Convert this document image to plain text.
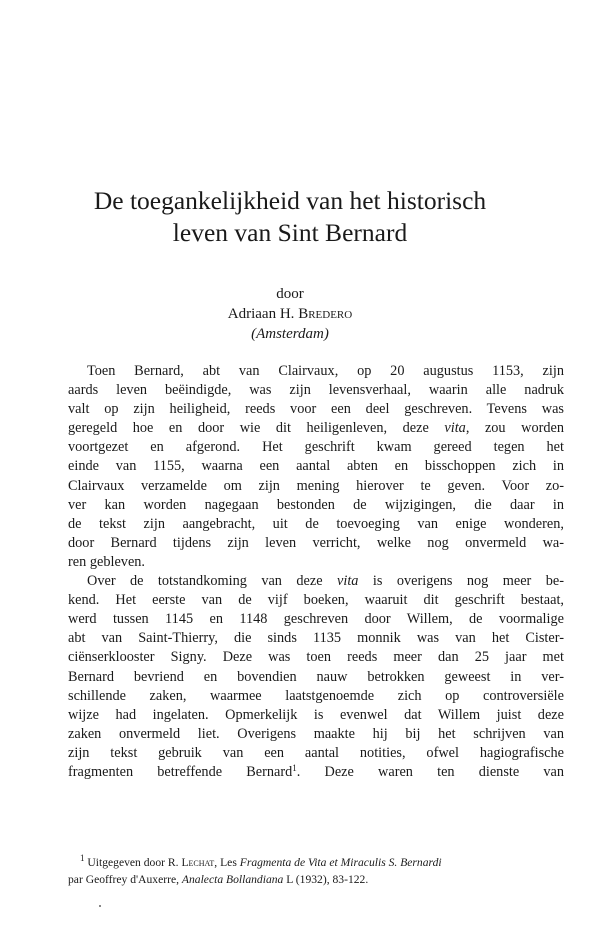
De toegankelijkheid van het historisch
leven van Sint Bernard
door
Adriaan H. Bredero
(Amsterdam)
Toen Bernard, abt van Clairvaux, op 20 augustus 1153, zijn
aards leven beëindigde, was zijn levensverhaal, waarin alle nadruk
valt op zijn heiligheid, reeds voor een deel geschreven. Tevens was
geregeld hoe en door wie dit heiligenleven, deze vita, zou worden
voortgezet en afgerond. Het geschrift kwam gereed tegen het
einde van 1155, waarna een aantal abten en bisschoppen zich in
Clairvaux verzamelde om zijn mening hierover te geven. Voor zo-
ver kan worden nagegaan bestonden de wijzigingen, die daar in
de tekst zijn aangebracht, uit de toevoeging van enige wonderen,
door Bernard tijdens zijn leven verricht, welke nog onvermeld wa-
ren gebleven.
Over de totstandkoming van deze vita is overigens nog meer be-
kend. Het eerste van de vijf boeken, waaruit dit geschrift bestaat,
werd tussen 1145 en 1148 geschreven door Willem, de voormalige
abt van Saint-Thierry, die sinds 1135 monnik was van het Cister-
ciënserklooster Signy. Deze was toen reeds meer dan 25 jaar met
Bernard bevriend en bovendien nauw betrokken geweest in ver-
schillende zaken, waarmee laatstgenoemde zich op controversiële
wijze had ingelaten. Opmerkelijk is evenwel dat Willem juist deze
zaken onvermeld liet. Overigens maakte hij bij het schrijven van
zijn tekst gebruik van een aantal notities, ofwel hagiografische
fragmenten betreffende Bernard$^1$. Deze waren ten dienste van
$^1$ Uitgegeven door R. Lechat, Les Fragmenta de Vita et Miraculis S. Bernardi
par Geoffrey d'Auxerre, Analecta Bollandiana L (1932), 83-122.
